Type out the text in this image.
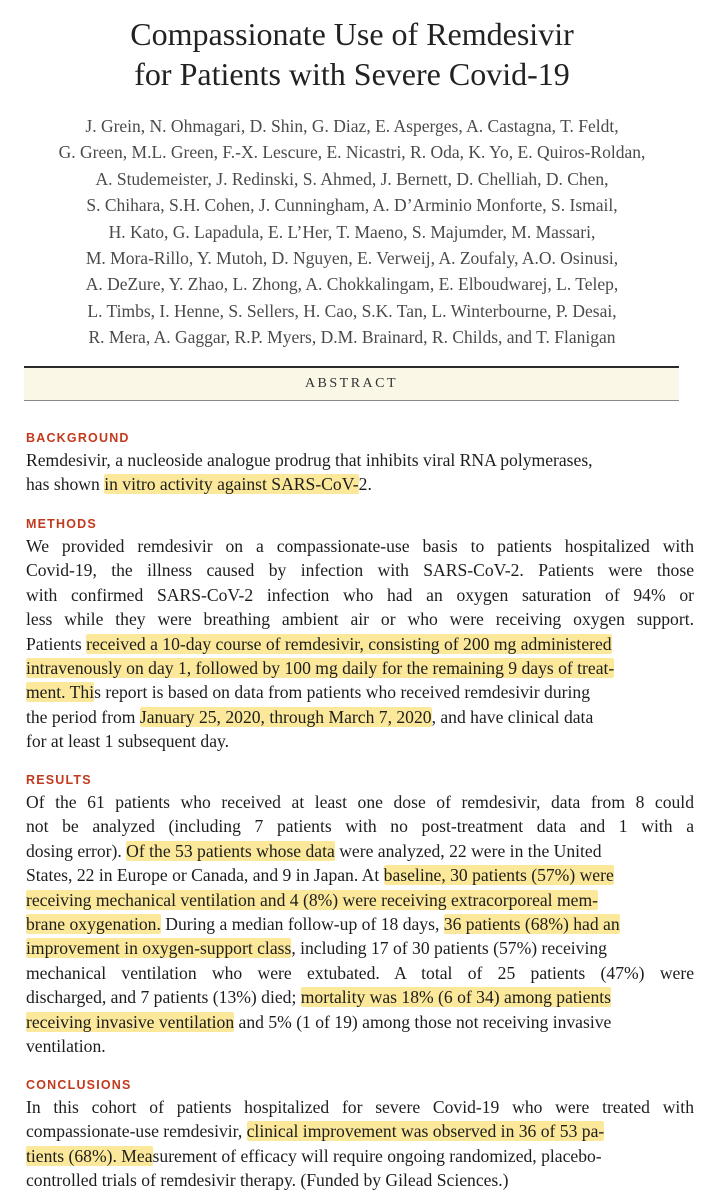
Compassionate Use of Remdesivir
for Patients with Severe Covid-19
J. Grein, N. Ohmagari, D. Shin, G. Diaz, E. Asperges, A. Castagna, T. Feldt,
G. Green, M.L. Green, F.-X. Lescure, E. Nicastri, R. Oda, K. Yo, E. Quiros-Roldan,
A. Studemeister, J. Redinski, S. Ahmed, J. Bernett, D. Chelliah, D. Chen,
S. Chihara, S.H. Cohen, J. Cunningham, A. D’Arminio Monforte, S. Ismail,
H. Kato, G. Lapadula, E. L’Her, T. Maeno, S. Majumder, M. Massari,
M. Mora-Rillo, Y. Mutoh, D. Nguyen, E. Verweij, A. Zoufaly, A.O. Osinusi,
A. DeZure, Y. Zhao, L. Zhong, A. Chokkalingam, E. Elboudwarej, L. Telep,
L. Timbs, I. Henne, S. Sellers, H. Cao, S.K. Tan, L. Winterbourne, P. Desai,
R. Mera, A. Gaggar, R.P. Myers, D.M. Brainard, R. Childs, and T. Flanigan
ABSTRACT
BACKGROUND
Remdesivir, a nucleoside analogue prodrug that inhibits viral RNA polymerases,
has shown in vitro activity against SARS-CoV-2.
METHODS
We provided remdesivir on a compassionate-use basis to patients hospitalized with
Covid-19, the illness caused by infection with SARS-CoV-2. Patients were those
with confirmed SARS-CoV-2 infection who had an oxygen saturation of 94% or
less while they were breathing ambient air or who were receiving oxygen support.
Patients received a 10-day course of remdesivir, consisting of 200 mg administered
intravenously on day 1, followed by 100 mg daily for the remaining 9 days of treat-
ment. This report is based on data from patients who received remdesivir during
the period from January 25, 2020, through March 7, 2020, and have clinical data
for at least 1 subsequent day.
RESULTS
Of the 61 patients who received at least one dose of remdesivir, data from 8 could
not be analyzed (including 7 patients with no post-treatment data and 1 with a
dosing error). Of the 53 patients whose data were analyzed, 22 were in the United
States, 22 in Europe or Canada, and 9 in Japan. At baseline, 30 patients (57%) were
receiving mechanical ventilation and 4 (8%) were receiving extracorporeal mem-
brane oxygenation. During a median follow-up of 18 days, 36 patients (68%) had an
improvement in oxygen-support class, including 17 of 30 patients (57%) receiving
mechanical ventilation who were extubated. A total of 25 patients (47%) were
discharged, and 7 patients (13%) died; mortality was 18% (6 of 34) among patients
receiving invasive ventilation and 5% (1 of 19) among those not receiving invasive
ventilation.
CONCLUSIONS
In this cohort of patients hospitalized for severe Covid-19 who were treated with
compassionate-use remdesivir, clinical improvement was observed in 36 of 53 pa-
tients (68%). Measurement of efficacy will require ongoing randomized, placebo-
controlled trials of remdesivir therapy. (Funded by Gilead Sciences.)
